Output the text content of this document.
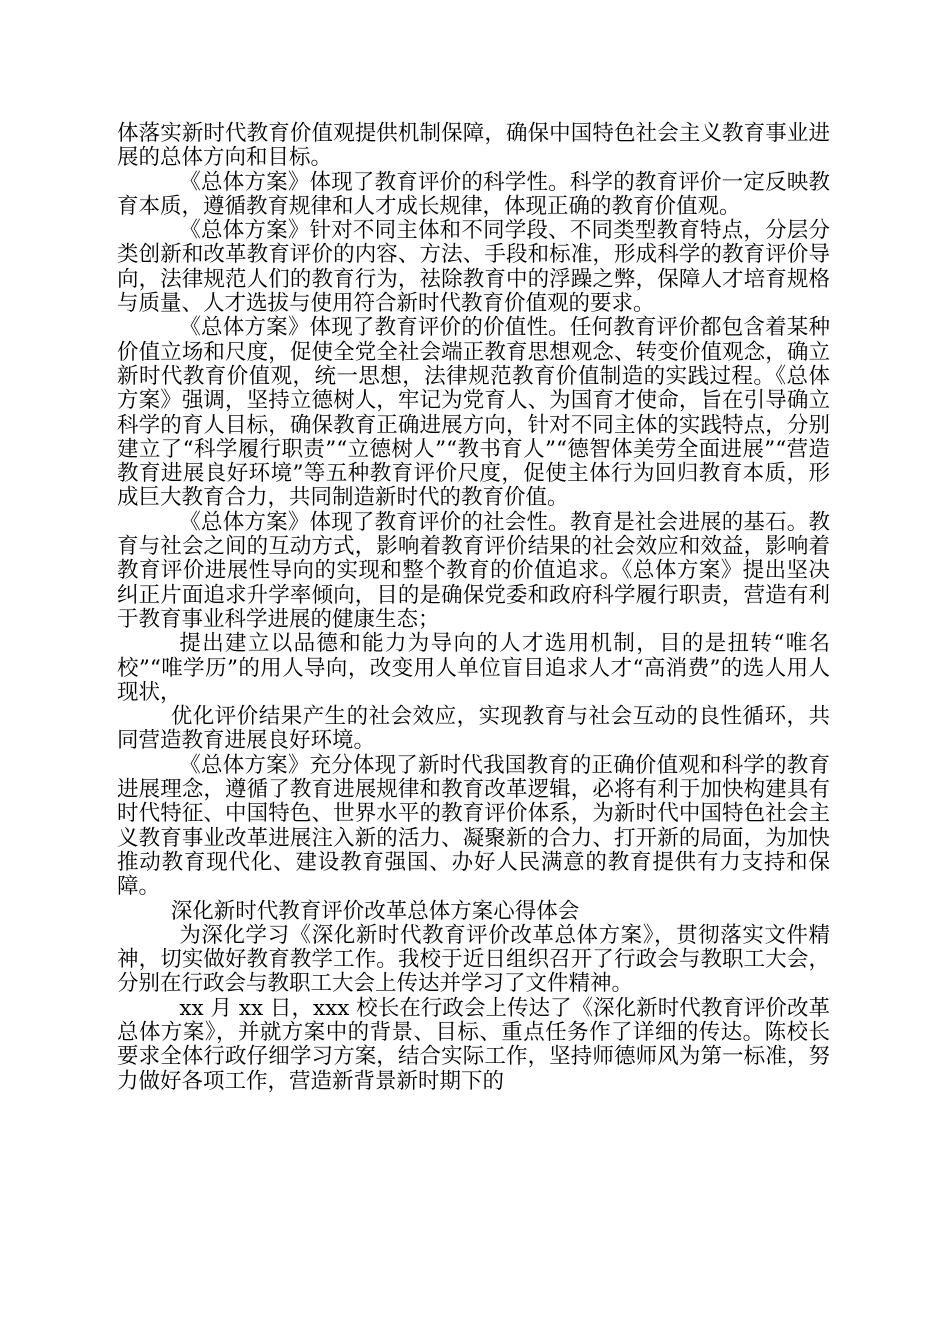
体落实新时代教育价值观提供机制保障，确保中国特色社会主义教育事业进展的总体方向和目标。

《总体方案》体现了教育评价的科学性。科学的教育评价一定反映教育本质，遵循教育规律和人才成长规律，体现正确的教育价值观。

《总体方案》针对不同主体和不同学段、不同类型教育特点，分层分类创新和改革教育评价的内容、方法、手段和标准，形成科学的教育评价导向，法律规范人们的教育行为，祛除教育中的浮躁之弊，保障人才培育规格与质量、人才选拔与使用符合新时代教育价值观的要求。

《总体方案》体现了教育评价的价值性。任何教育评价都包含着某种价值立场和尺度，促使全党全社会端正教育思想观念、转变价值观念，确立新时代教育价值观，统一思想，法律规范教育价值制造的实践过程。《总体方案》强调，坚持立德树人，牢记为党育人、为国育才使命，旨在引导确立科学的育人目标，确保教育正确进展方向，针对不同主体的实践特点，分别建立了“科学履行职责”“立德树人”“教书育人”“德智体美劳全面进展”“营造教育进展良好环境”等五种教育评价尺度，促使主体行为回归教育本质，形成巨大教育合力，共同制造新时代的教育价值。

《总体方案》体现了教育评价的社会性。教育是社会进展的基石。教育与社会之间的互动方式，影响着教育评价结果的社会效应和效益，影响着教育评价进展性导向的实现和整个教育的价值追求。《总体方案》提出坚决纠正片面追求升学率倾向，目的是确保党委和政府科学履行职责，营造有利于教育事业科学进展的健康生态；

提出建立以品德和能力为导向的人才选用机制，目的是扭转“唯名校”“唯学历”的用人导向，改变用人单位盲目追求人才“高消费”的选人用人现状，

优化评价结果产生的社会效应，实现教育与社会互动的良性循环，共同营造教育进展良好环境。

《总体方案》充分体现了新时代我国教育的正确价值观和科学的教育进展理念，遵循了教育进展规律和教育改革逻辑，必将有利于加快构建具有时代特征、中国特色、世界水平的教育评价体系，为新时代中国特色社会主义教育事业改革进展注入新的活力、凝聚新的合力、打开新的局面，为加快推动教育现代化、建设教育强国、办好人民满意的教育提供有力支持和保障。

深化新时代教育评价改革总体方案心得体会

为深化学习《深化新时代教育评价改革总体方案》，贯彻落实文件精神，切实做好教育教学工作。我校于近日组织召开了行政会与教职工大会，分别在行政会与教职工大会上传达并学习了文件精神。

xx 月 xx 日，xxx 校长在行政会上传达了《深化新时代教育评价改革总体方案》，并就方案中的背景、目标、重点任务作了详细的传达。陈校长要求全体行政仔细学习方案，结合实际工作，坚持师德师风为第一标准，努力做好各项工作，营造新背景新时期下的
